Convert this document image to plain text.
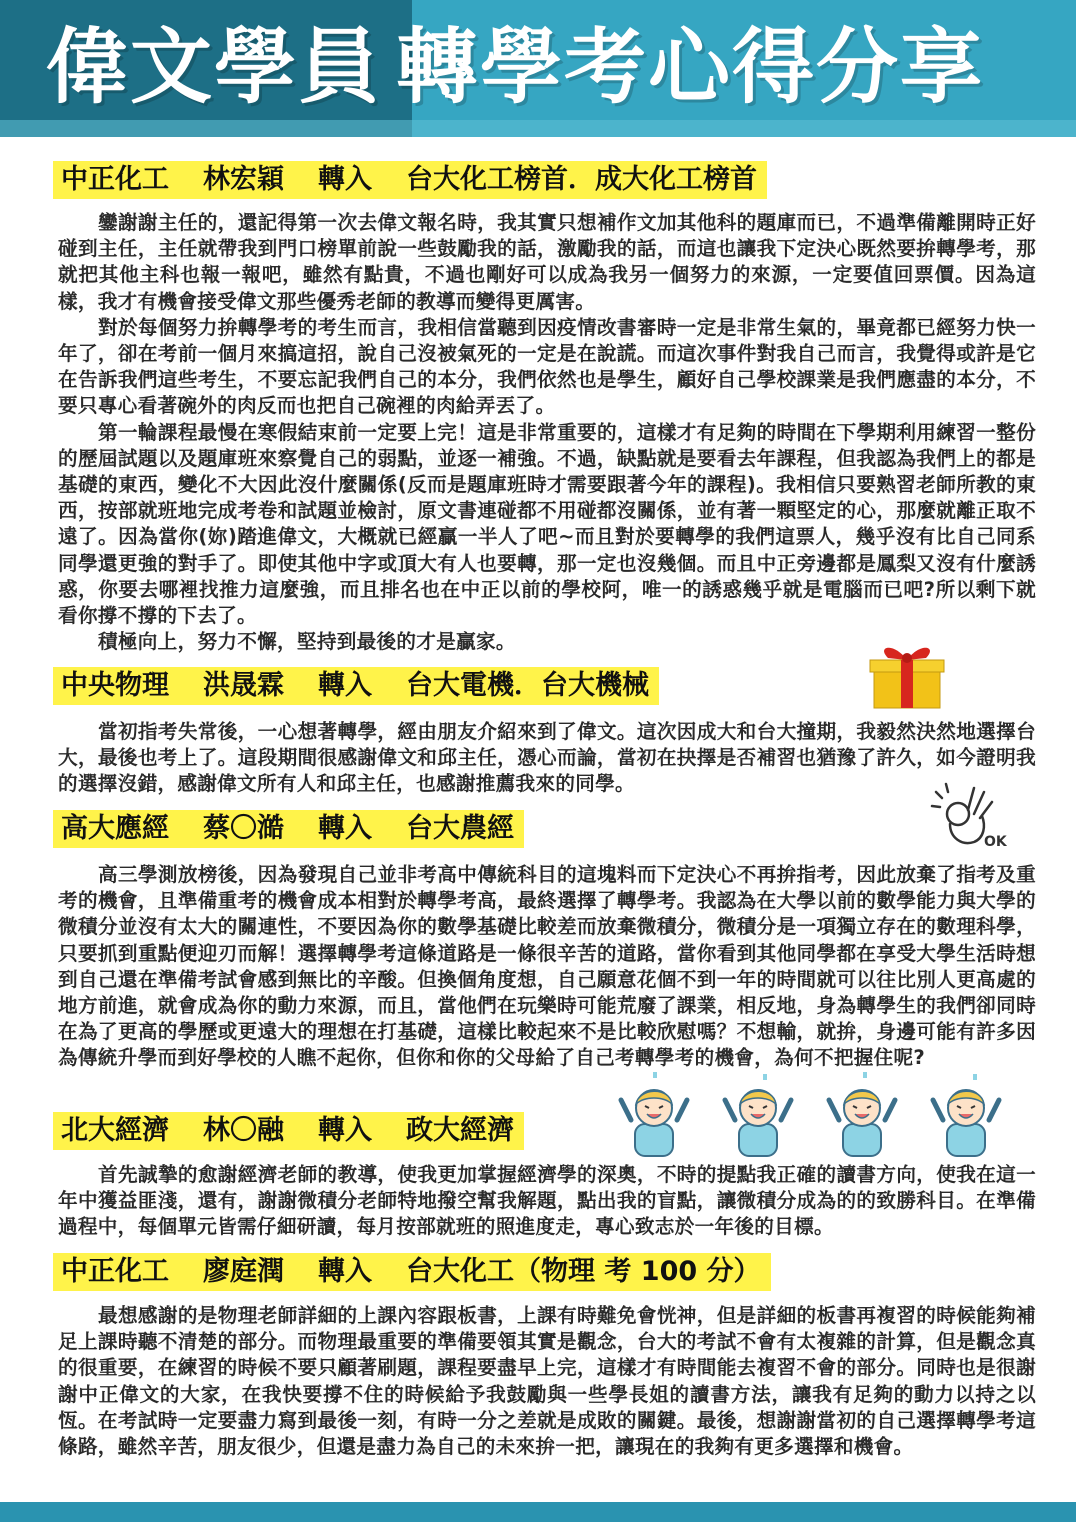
偉文學員 轉學考心得分享
中正化工 林宏穎 轉入 台大化工榜首．成大化工榜首

鑾謝謝主任的，還記得第一次去偉文報名時，我其實只想補作文加其他科的題庫而已，不過準備離開時正好碰到主任，主任就帶我到門口榜單前說一些鼓勵我的話，激勵我的話，而這也讓我下定決心既然要拚轉學考，那就把其他主科也報一報吧，雖然有點貴，不過也剛好可以成為我另一個努力的來源，一定要值回票價。因為這樣，我才有機會接受偉文那些優秀老師的教導而變得更厲害。

對於每個努力拚轉學考的考生而言，我相信當聽到因疫情改書審時一定是非常生氣的，畢竟都已經努力快一年了，卻在考前一個月來搞這招，說自己沒被氣死的一定是在說謊。而這次事件對我自己而言，我覺得或許是它在告訴我們這些考生，不要忘記我們自己的本分，我們依然也是學生，顧好自己學校課業是我們應盡的本分，不要只專心看著碗外的肉反而也把自己碗裡的肉給弄丟了。

第一輪課程最慢在寒假結束前一定要上完！這是非常重要的，這樣才有足夠的時間在下學期利用練習一整份的歷屆試題以及題庫班來察覺自己的弱點，並逐一補強。不過，缺點就是要看去年課程，但我認為我們上的都是基礎的東西，變化不大因此沒什麼關係(反而是題庫班時才需要跟著今年的課程)。我相信只要熟習老師所教的東西，按部就班地完成考卷和試題並檢討，原文書連碰都不用碰都沒關係，並有著一顆堅定的心，那麼就離正取不遠了。因為當你(妳)踏進偉文，大概就已經贏一半人了吧~而且對於要轉學的我們這票人，幾乎沒有比自己同系同學還更強的對手了。即使其他中字或頂大有人也要轉，那一定也沒幾個。而且中正旁邊都是鳳梨又沒有什麼誘惑，你要去哪裡找推力這麼強，而且排名也在中正以前的學校阿，唯一的誘惑幾乎就是電腦而已吧?所以剩下就看你撐不撐的下去了。

積極向上，努力不懈，堅持到最後的才是贏家。

中央物理 洪晟霖 轉入 台大電機．台大機械

當初指考失常後，一心想著轉學，經由朋友介紹來到了偉文。這次因成大和台大撞期，我毅然決然地選擇台大，最後也考上了。這段期間很感謝偉文和邱主任，憑心而論，當初在抉擇是否補習也猶豫了許久，如今證明我的選擇沒錯，感謝偉文所有人和邱主任，也感謝推薦我來的同學。

OK
高大應經 蔡〇澔 轉入 台大農經

高三學測放榜後，因為發現自己並非考高中傳統科目的這塊料而下定決心不再拚指考，因此放棄了指考及重考的機會，且準備重考的機會成本相對於轉學考高，最終選擇了轉學考。我認為在大學以前的數學能力與大學的微積分並沒有太大的關連性，不要因為你的數學基礎比較差而放棄微積分，微積分是一項獨立存在的數理科學，只要抓到重點便迎刃而解！選擇轉學考這條道路是一條很辛苦的道路，當你看到其他同學都在享受大學生活時想到自己還在準備考試會感到無比的辛酸。但換個角度想，自己願意花個不到一年的時間就可以往比別人更高處的地方前進，就會成為你的動力來源，而且，當他們在玩樂時可能荒廢了課業，相反地，身為轉學生的我們卻同時在為了更高的學歷或更遠大的理想在打基礎，這樣比較起來不是比較欣慰嗎？不想輸，就拚，身邊可能有許多因為傳統升學而到好學校的人瞧不起你，但你和你的父母給了自己考轉學考的機會，為何不把握住呢?

北大經濟 林〇融 轉入 政大經濟

首先誠摯的愈謝經濟老師的教導，使我更加掌握經濟學的深奧，不時的提點我正確的讀書方向，使我在這一年中獲益匪淺，還有，謝謝微積分老師特地撥空幫我解題，點出我的盲點，讓微積分成為的的致勝科目。在準備過程中，每個單元皆需仔細研讀，每月按部就班的照進度走，專心致志於一年後的目標。

中正化工 廖庭潤 轉入 台大化工（物理 考 100 分）

最想感謝的是物理老師詳細的上課內容跟板書，上課有時難免會恍神，但是詳細的板書再複習的時候能夠補足上課時聽不清楚的部分。而物理最重要的準備要領其實是觀念，台大的考試不會有太複雜的計算，但是觀念真的很重要，在練習的時候不要只顧著刷題，課程要盡早上完，這樣才有時間能去複習不會的部分。同時也是很謝謝中正偉文的大家，在我快要撐不住的時候給予我鼓勵與一些學長姐的讀書方法，讓我有足夠的動力以持之以恆。在考試時一定要盡力寫到最後一刻，有時一分之差就是成敗的關鍵。最後，想謝謝當初的自己選擇轉學考這條路，雖然辛苦，朋友很少，但還是盡力為自己的未來拚一把，讓現在的我夠有更多選擇和機會。
